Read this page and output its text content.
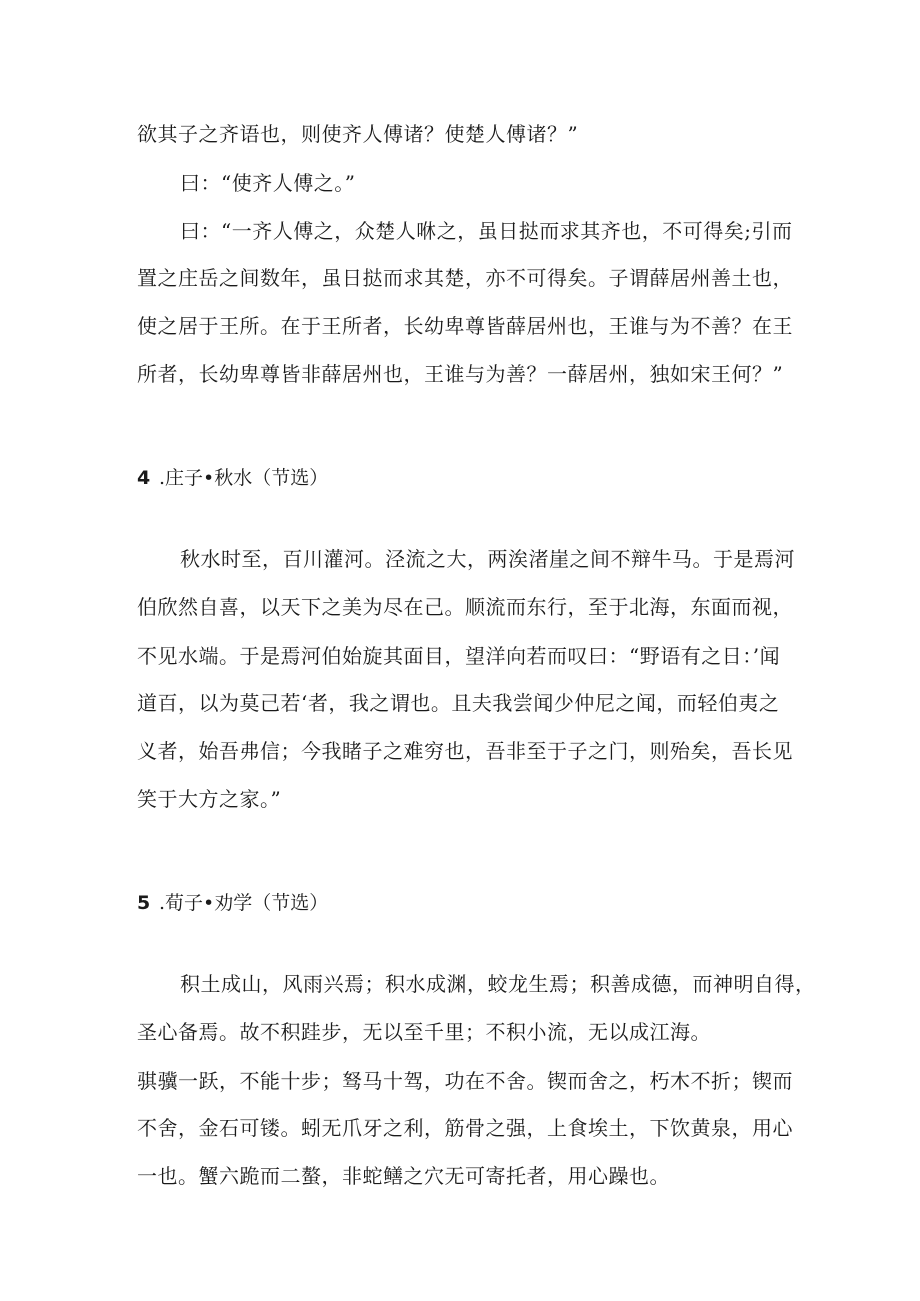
欲其子之齐语也，则使齐人傅诸？使楚人傅诸？”
曰：“使齐人傅之。”
曰：“一齐人傅之，众楚人咻之，虽日挞而求其齐也，不可得矣;引而
置之庄岳之间数年，虽日挞而求其楚，亦不可得矣。子谓薛居州善土也，
使之居于王所。在于王所者，长幼卑尊皆薛居州也，王谁与为不善？在王
所者，长幼卑尊皆非薛居州也，王谁与为善？一薛居州，独如宋王何？”
4 .庄子•秋水（节选）
秋水时至，百川灌河。泾流之大，两涘渚崖之间不辩牛马。于是焉河
伯欣然自喜，以天下之美为尽在己。顺流而东行，至于北海，东面而视，
不见水端。于是焉河伯始旋其面目，望洋向若而叹曰：“野语有之日：’闻
道百，以为莫己若‘者，我之谓也。且夫我尝闻少仲尼之闻，而轻伯夷之
义者，始吾弗信；今我睹子之难穷也，吾非至于子之门，则殆矣，吾长见
笑于大方之家。”
5 .荀子•劝学（节选）
积土成山，风雨兴焉；积水成渊，蛟龙生焉；积善成德，而神明自得，
圣心备焉。故不积跬步，无以至千里；不积小流，无以成江海。
骐骥一跃，不能十步；驽马十驾，功在不舍。锲而舍之，朽木不折；锲而
不舍，金石可镂。蚓无爪牙之利，筋骨之强，上食埃土，下饮黄泉，用心
一也。蟹六跪而二螯，非蛇鳝之穴无可寄托者，用心躁也。
